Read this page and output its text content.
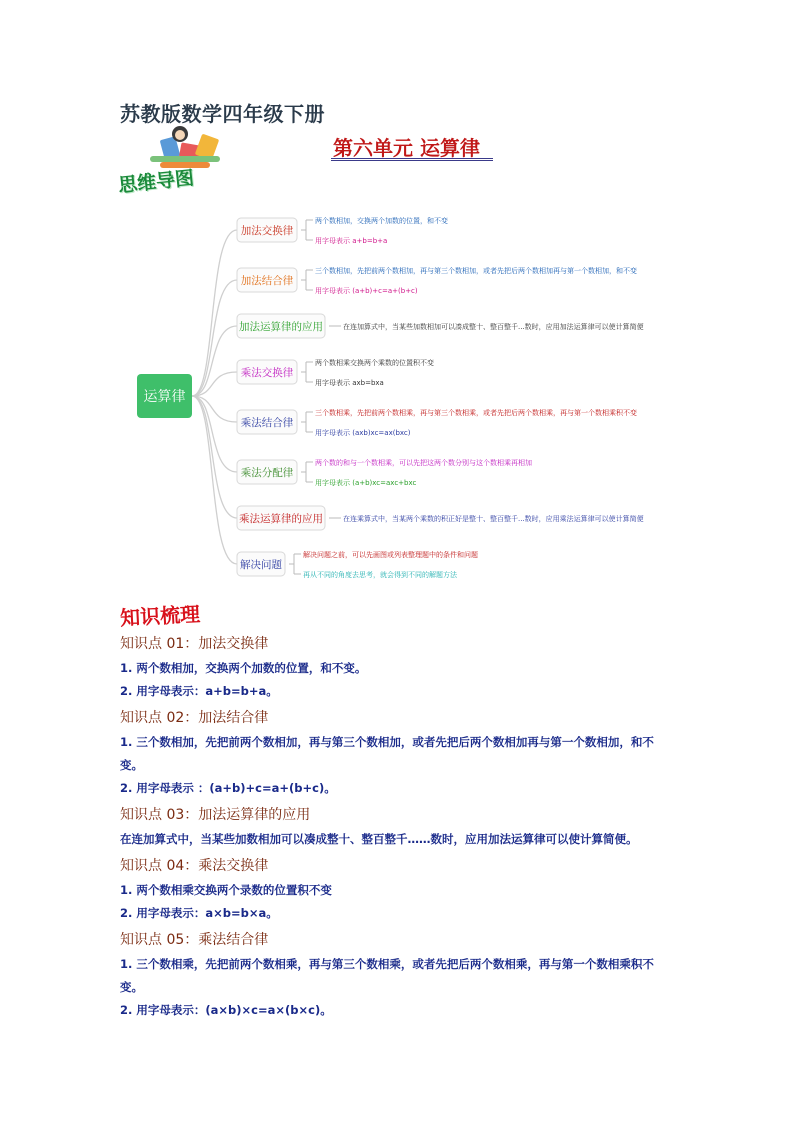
苏教版数学四年级下册
第六单元 运算律
思维导图
加法交换律
两个数相加，交换两个加数的位置，和不变
用字母表示 a+b=b+a
加法结合律
三个数相加，先把前两个数相加，再与第三个数相加，或者先把后两个数相加再与第一个数相加，和不变
用字母表示 (a+b)+c=a+(b+c)
加法运算律的应用	在连加算式中，当某些加数相加可以凑成整十、整百整千...数时，应用加法运算律可以使计算简便
乘法交换律
两个数相乘交换两个乘数的位置积不变
用字母表示 axb=bxa
乘法结合律
三个数相乘，先把前两个数相乘，再与第三个数相乘，或者先把后两个数相乘，再与第一个数相乘积不变
用字母表示 (axb)xc=ax(bxc)
乘法分配律
两个数的和与一个数相乘，可以先把这两个数分别与这个数相乘再相加
用字母表示 (a+b)xc=axc+bxc
乘法运算律的应用	在连乘算式中，当某两个乘数的积正好是整十、整百整千...数时，应用乘法运算律可以使计算简便
解决问题
解决问题之前，可以先画图或列表整理题中的条件和问题
再从不同的角度去思考，就会得到不同的解题方法
运算律
知识梳理
知识点 01：加法交换律
1. 两个数相加，交换两个加数的位置，和不变。
2. 用字母表示：a+b=b+a。
知识点 02：加法结合律
1. 三个数相加，先把前两个数相加，再与第三个数相加，或者先把后两个数相加再与第一个数相加，和不
变。
2. 用字母表示 ：(a+b)+c=a+(b+c)。
知识点 03：加法运算律的应用
在连加算式中，当某些加数相加可以凑成整十、整百整千……数时，应用加法运算律可以使计算简便。
知识点 04：乘法交换律
1. 两个数相乘交换两个录数的位置积不变
2. 用字母表示：a×b=b×a。
知识点 05：乘法结合律
1. 三个数相乘，先把前两个数相乘，再与第三个数相乘，或者先把后两个数相乘，再与第一个数相乘积不
变。
2. 用字母表示：(a×b)×c=a×(b×c)。
